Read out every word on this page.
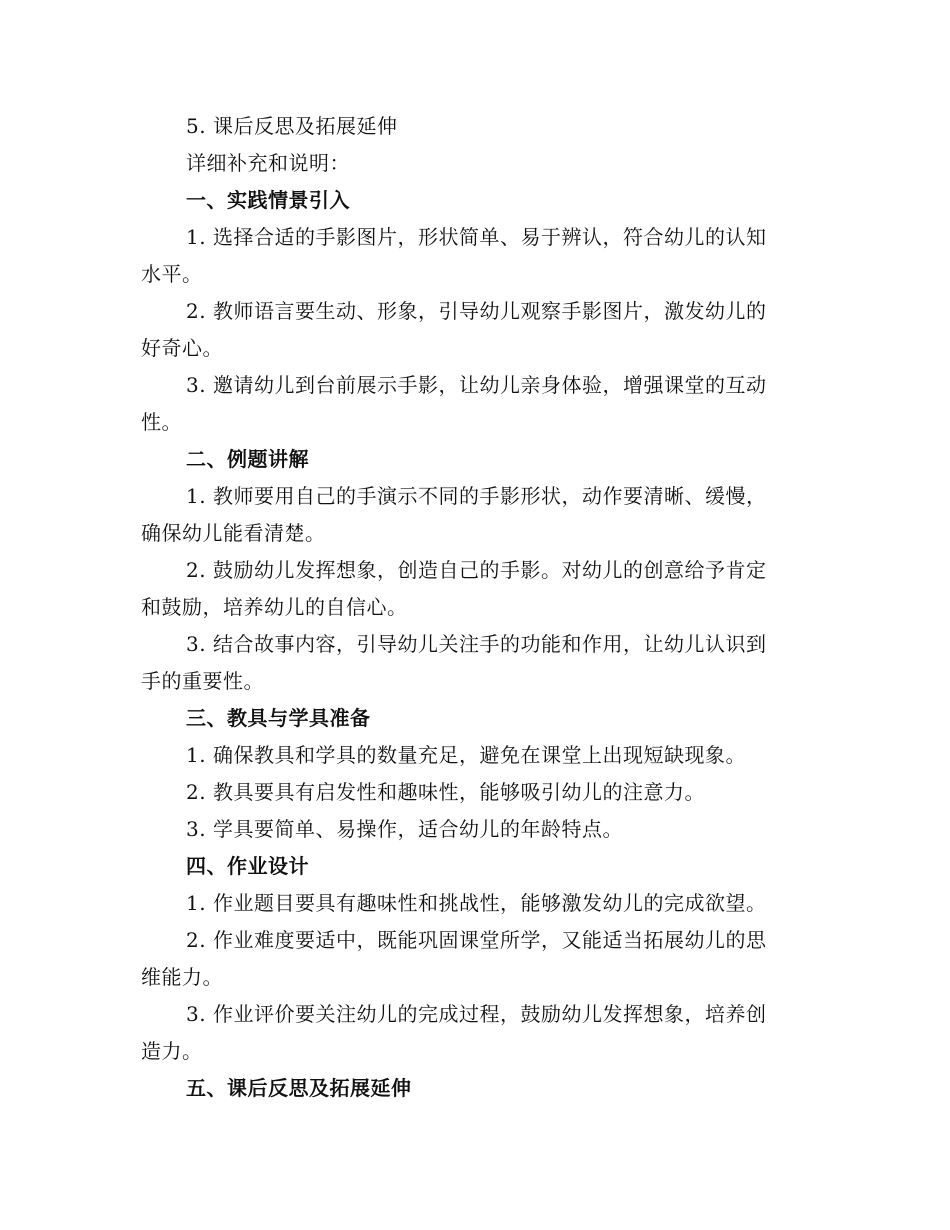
5. 课后反思及拓展延伸
详细补充和说明：
一、实践情景引入
1. 选择合适的手影图片，形状简单、易于辨认，符合幼儿的认知
水平。
2. 教师语言要生动、形象，引导幼儿观察手影图片，激发幼儿的
好奇心。
3. 邀请幼儿到台前展示手影，让幼儿亲身体验，增强课堂的互动
性。
二、例题讲解
1. 教师要用自己的手演示不同的手影形状，动作要清晰、缓慢，
确保幼儿能看清楚。
2. 鼓励幼儿发挥想象，创造自己的手影。对幼儿的创意给予肯定
和鼓励，培养幼儿的自信心。
3. 结合故事内容，引导幼儿关注手的功能和作用，让幼儿认识到
手的重要性。
三、教具与学具准备
1. 确保教具和学具的数量充足，避免在课堂上出现短缺现象。
2. 教具要具有启发性和趣味性，能够吸引幼儿的注意力。
3. 学具要简单、易操作，适合幼儿的年龄特点。
四、作业设计
1. 作业题目要具有趣味性和挑战性，能够激发幼儿的完成欲望。
2. 作业难度要适中，既能巩固课堂所学，又能适当拓展幼儿的思
维能力。
3. 作业评价要关注幼儿的完成过程，鼓励幼儿发挥想象，培养创
造力。
五、课后反思及拓展延伸
